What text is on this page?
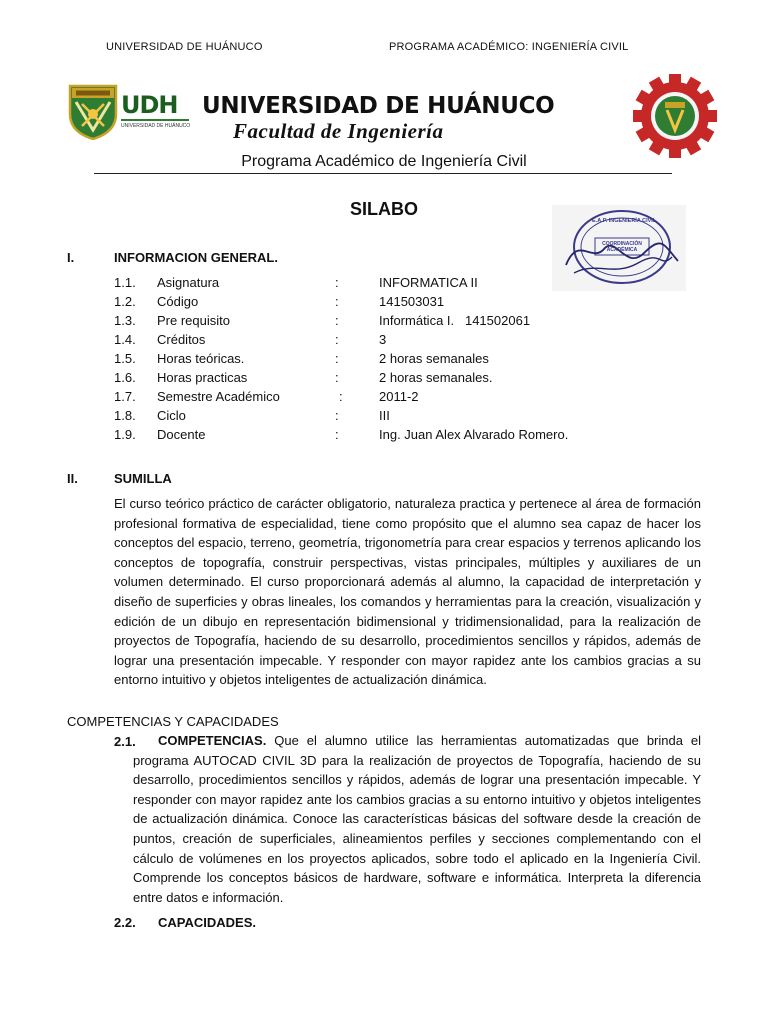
UNIVERSIDAD DE HUÁNUCO	PROGRAMA ACADÉMICO: INGENIERÍA CIVIL
UDH
UNIVERSIDAD DE HUÁNUCO
UNIVERSIDAD DE HUÁNUCO
Facultad de Ingeniería
Programa Académico de Ingeniería Civil
SILABO
E.A.P. INGENIERÍA CIVIL
COORDINACIÓN ACADÉMICA
I.	INFORMACION GENERAL.
1.1. Asignatura	:	INFORMATICA II
1.2. Código	:	141503031
1.3. Pre requisito	:	Informática I.   141502061
1.4. Créditos	:	3
1.5. Horas teóricas.	:	2 horas semanales
1.6. Horas practicas	:	2 horas semanales.
1.7. Semestre Académico	:	2011-2
1.8. Ciclo	:	III
1.9. Docente	:	Ing. Juan Alex Alvarado Romero.
II.	SUMILLA
El curso teórico práctico de carácter obligatorio, naturaleza practica y pertenece al área de formación profesional formativa de especialidad, tiene como propósito que el alumno sea capaz de hacer los conceptos del espacio, terreno, geometría, trigonometría para crear espacios y terrenos aplicando los conceptos de topografía, construir perspectivas, vistas principales, múltiples y auxiliares de un volumen determinado. El curso proporcionará además al alumno, la capacidad de interpretación y diseño de superficies y obras lineales, los comandos y herramientas para la creación, visualización y edición de un dibujo en representación bidimensional y tridimensionalidad, para la realización de proyectos de Topografía, haciendo de su desarrollo, procedimientos sencillos y rápidos, además de lograr una presentación impecable. Y responder con mayor rapidez ante los cambios gracias a su entorno intuitivo y objetos inteligentes de actualización dinámica.
COMPETENCIAS Y CAPACIDADES
2.1.	COMPETENCIAS. Que el alumno utilice las herramientas automatizadas que brinda el programa AUTOCAD CIVIL 3D para la realización de proyectos de Topografía, haciendo de su desarrollo, procedimientos sencillos y rápidos, además de lograr una presentación impecable. Y responder con mayor rapidez ante los cambios gracias a su entorno intuitivo y objetos inteligentes de actualización dinámica. Conoce las características básicas del software desde la creación de puntos, creación de superficiales, alineamientos perfiles y secciones complementando con el cálculo de volúmenes en los proyectos aplicados, sobre todo el aplicado en la Ingeniería Civil. Comprende los conceptos básicos de hardware, software e informática. Interpreta la diferencia entre datos e información.
2.2. CAPACIDADES.
